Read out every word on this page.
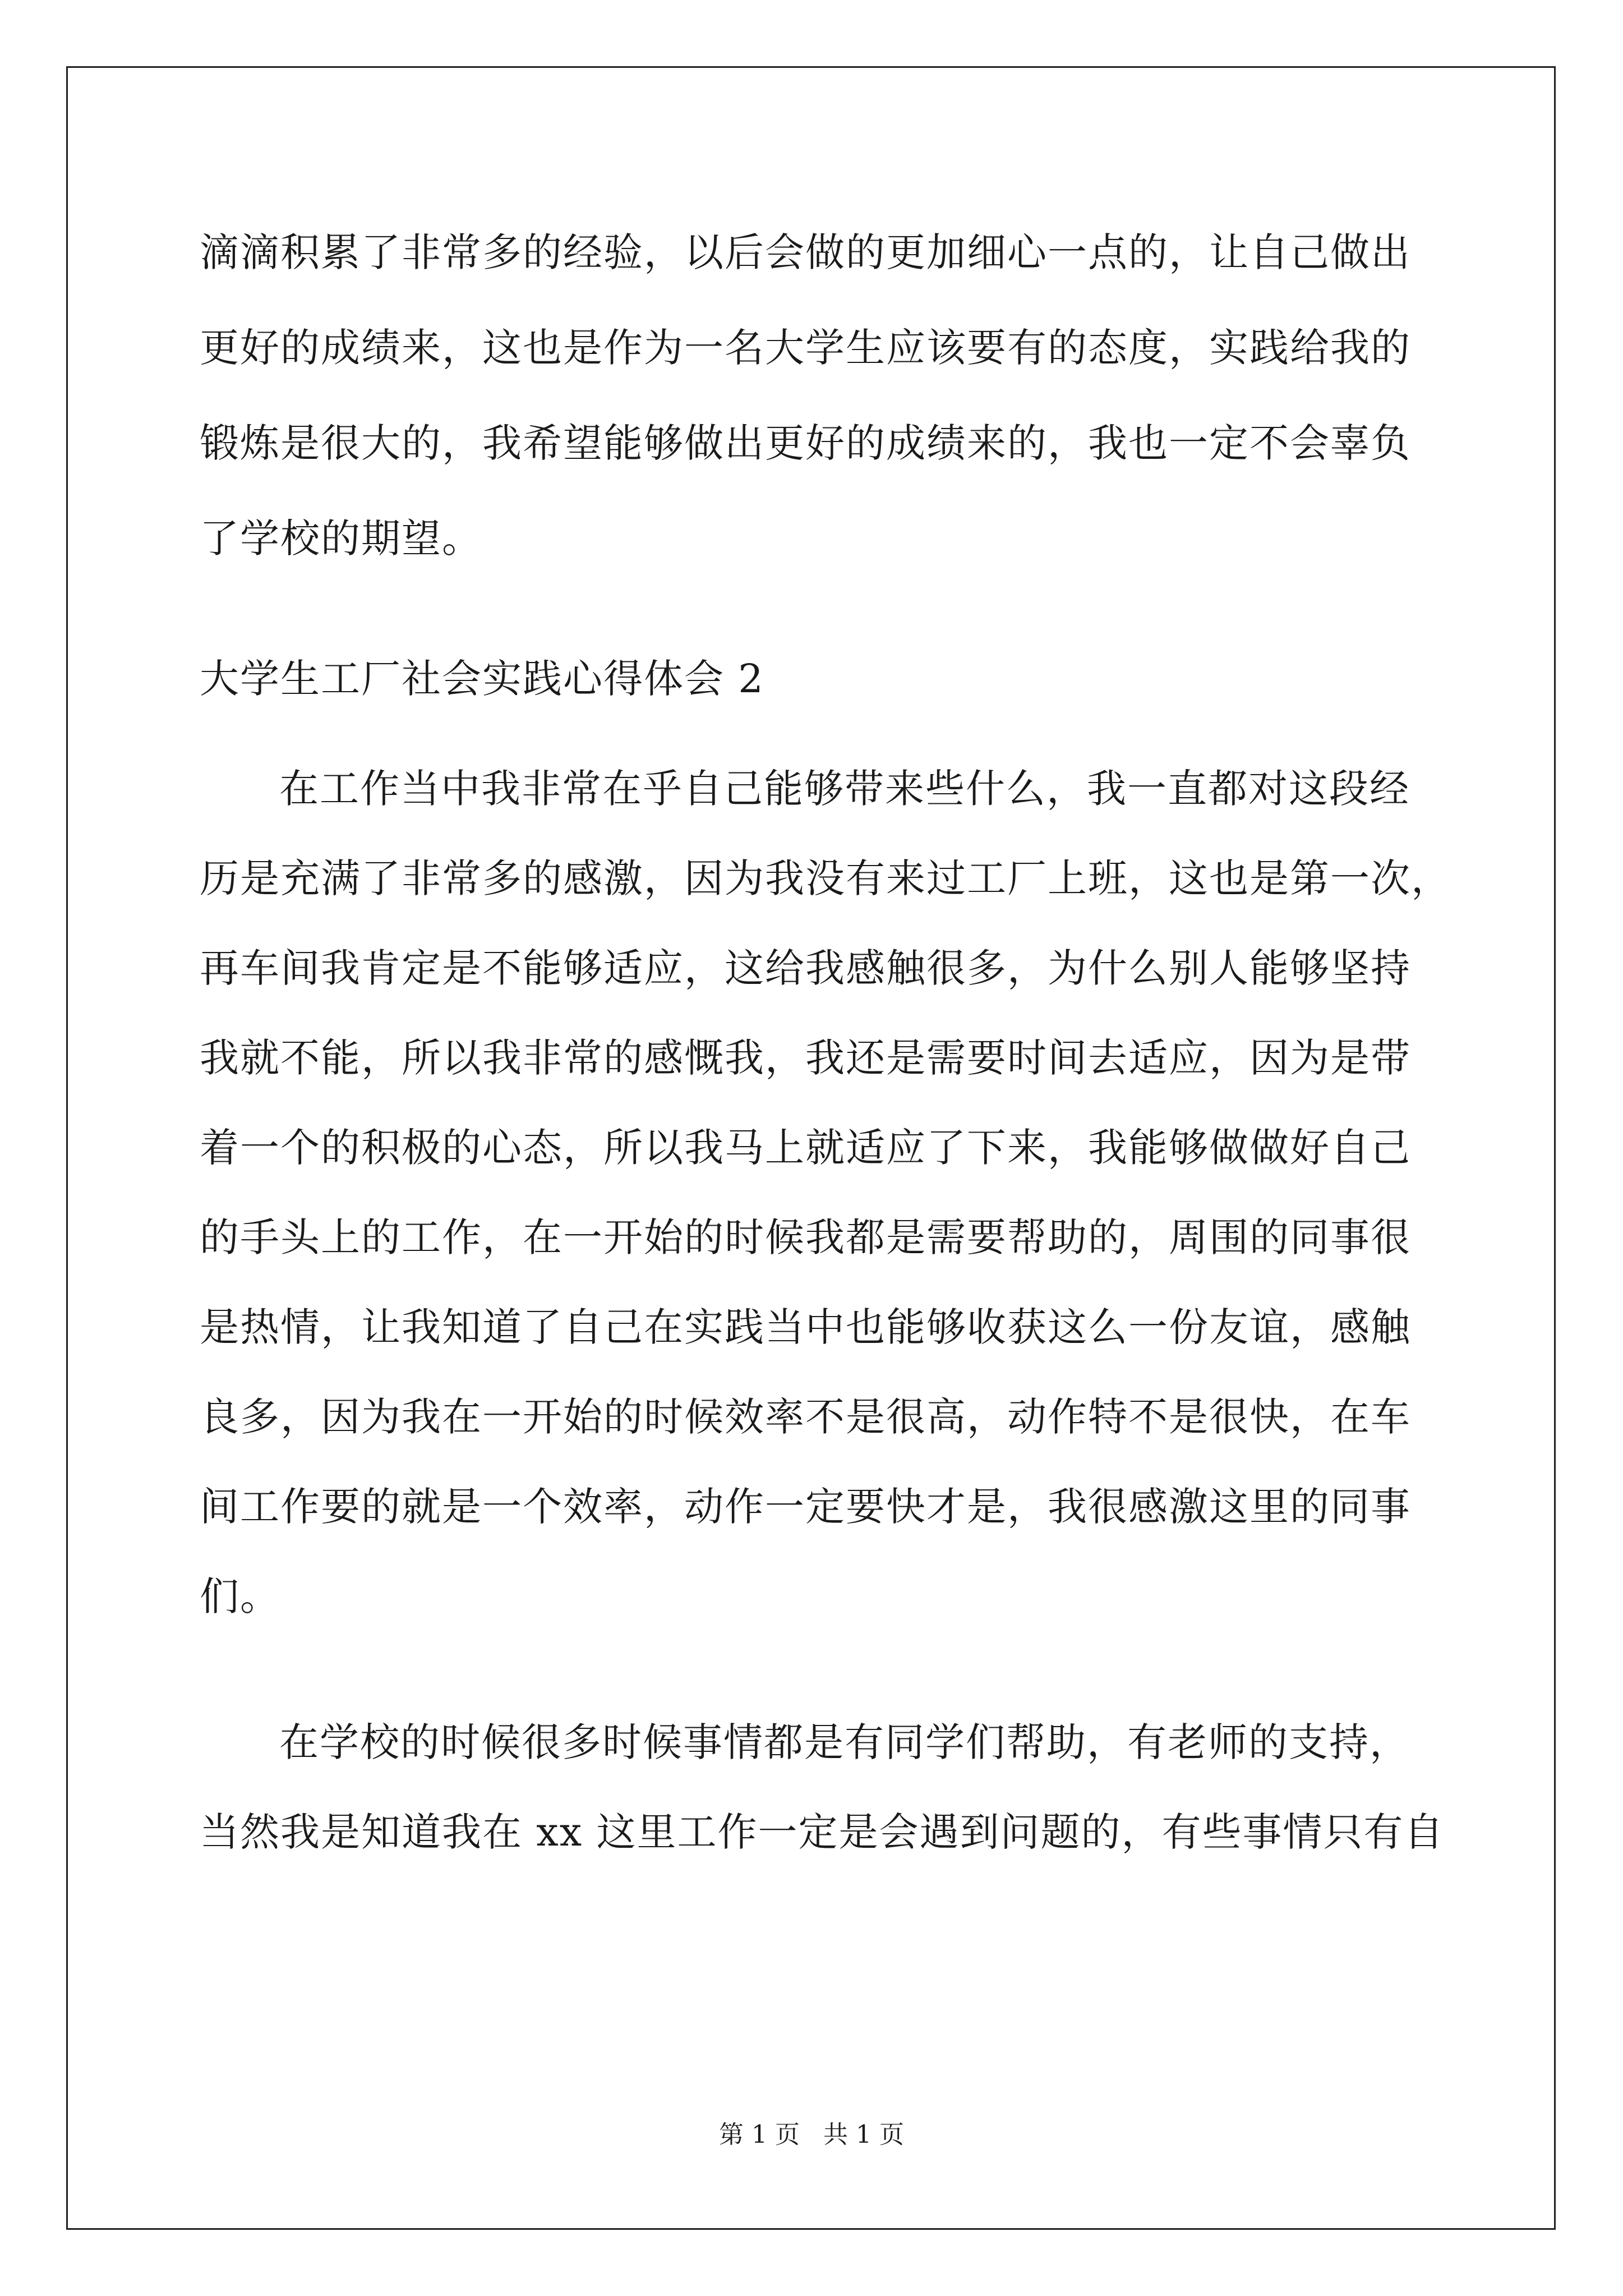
滴滴积累了非常多的经验，以后会做的更加细心一点的，让自己做出
更好的成绩来，这也是作为一名大学生应该要有的态度，实践给我的
锻炼是很大的，我希望能够做出更好的成绩来的，我也一定不会辜负
了学校的期望。
大学生工厂社会实践心得体会 2
在工作当中我非常在乎自己能够带来些什么，我一直都对这段经
历是充满了非常多的感激，因为我没有来过工厂上班，这也是第一次，
再车间我肯定是不能够适应，这给我感触很多，为什么别人能够坚持
我就不能，所以我非常的感慨我，我还是需要时间去适应，因为是带
着一个的积极的心态，所以我马上就适应了下来，我能够做做好自己
的手头上的工作，在一开始的时候我都是需要帮助的，周围的同事很
是热情，让我知道了自己在实践当中也能够收获这么一份友谊，感触
良多，因为我在一开始的时候效率不是很高，动作特不是很快，在车
间工作要的就是一个效率，动作一定要快才是，我很感激这里的同事
们。
在学校的时候很多时候事情都是有同学们帮助，有老师的支持，
当然我是知道我在 xx 这里工作一定是会遇到问题的，有些事情只有自
第 1 页   共 1 页
